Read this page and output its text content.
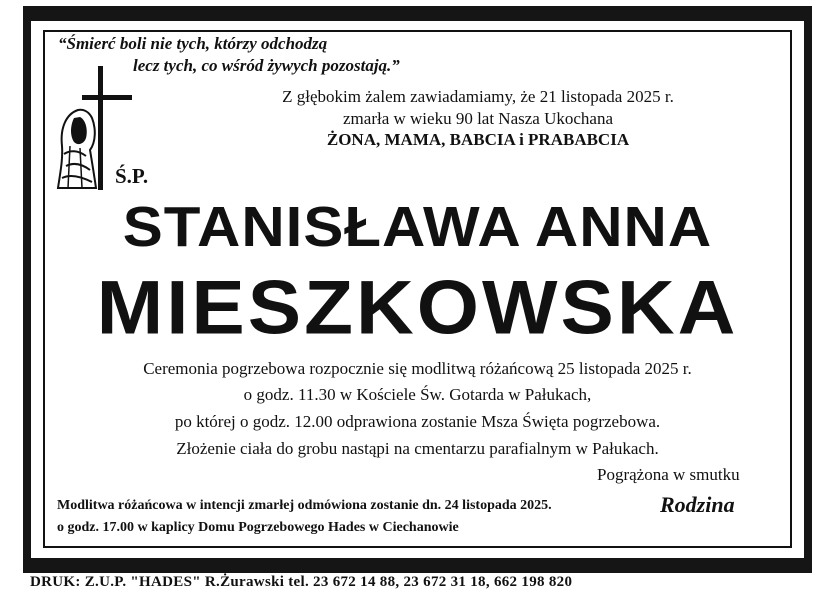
“Śmierć boli nie tych, którzy odchodzą
lecz tych, co wśród żywych pozostają.”
Z głębokim żalem zawiadamiamy, że 21 listopada 2025 r.
zmarła w wieku 90 lat Nasza Ukochana
ŻONA, MAMA, BABCIA i PRABABCIA
Ś.P.
STANISŁAWA ANNA
MIESZKOWSKA
Ceremonia pogrzebowa rozpocznie się modlitwą różańcową 25 listopada 2025 r.
o godz. 11.30 w Kościele Św. Gotarda w Pałukach,
po której o godz. 12.00 odprawiona zostanie Msza Święta pogrzebowa.
Złożenie ciała do grobu nastąpi na cmentarzu parafialnym w Pałukach.
Pogrążona w smutku
Rodzina
Modlitwa różańcowa w intencji zmarłej odmówiona zostanie dn. 24 listopada 2025.
o godz. 17.00 w kaplicy Domu Pogrzebowego Hades w Ciechanowie
DRUK: Z.U.P. "HADES" R.Żurawski tel. 23 672 14 88, 23 672 31 18, 662 198 820
